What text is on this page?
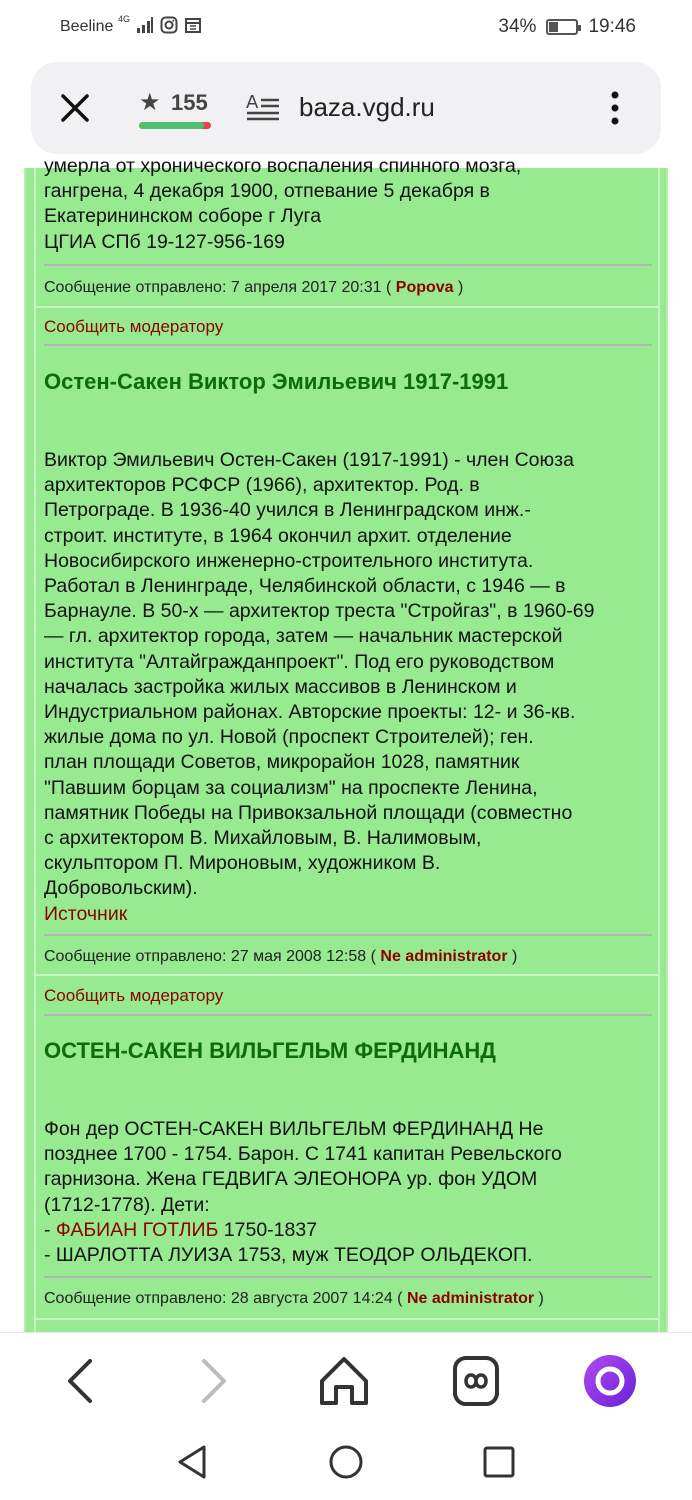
Beeline 4G	34%	19:46
★ 155 A baza.vgd.ru
умерла от хронического воспаления спинного мозга,
гангрена, 4 декабря 1900, отпевание 5 декабря в
Екатерининском соборе г Луга
ЦГИА СПб 19-127-956-169
Сообщение отправлено: 7 апреля 2017 20:31 ( Popova )
Сообщить модератору
Остен-Сакен Виктор Эмильевич 1917-1991
Виктор Эмильевич Остен-Сакен (1917-1991) - член Союза
архитекторов РСФСР (1966), архитектор. Род. в
Петрограде. В 1936-40 учился в Ленинградском инж.-
строит. институте, в 1964 окончил архит. отделение
Новосибирского инженерно-строительного института.
Работал в Ленинграде, Челябинской области, с 1946 — в
Барнауле. В 50-х — архитектор треста "Стройгаз", в 1960-69
— гл. архитектор города, затем — начальник мастерской
института "Алтайгражданпроект". Под его руководством
началась застройка жилых массивов в Ленинском и
Индустриальном районах. Авторские проекты: 12- и 36-кв.
жилые дома по ул. Новой (проспект Строителей); ген.
план площади Советов, микрорайон 1028, памятник
"Павшим борцам за социализм" на проспекте Ленина,
памятник Победы на Привокзальной площади (совместно
с архитектором В. Михайловым, В. Налимовым,
скульптором П. Мироновым, художником В.
Добровольским).
Источник
Сообщение отправлено: 27 мая 2008 12:58 ( Ne administrator )
Сообщить модератору
ОСТЕН-САКЕН ВИЛЬГЕЛЬМ ФЕРДИНАНД
Фон дер ОСТЕН-САКЕН ВИЛЬГЕЛЬМ ФЕРДИНАНД Не
позднее 1700 - 1754. Барон. С 1741 капитан Ревельского
гарнизона. Жена ГЕДВИГА ЭЛЕОНОРА ур. фон УДОМ
(1712-1778). Дети:
- ФАБИАН ГОТЛИБ 1750-1837
- ШАРЛОТТА ЛУИЗА 1753, муж ТЕОДОР ОЛЬДЕКОП.
Сообщение отправлено: 28 августа 2007 14:24 ( Ne administrator )
